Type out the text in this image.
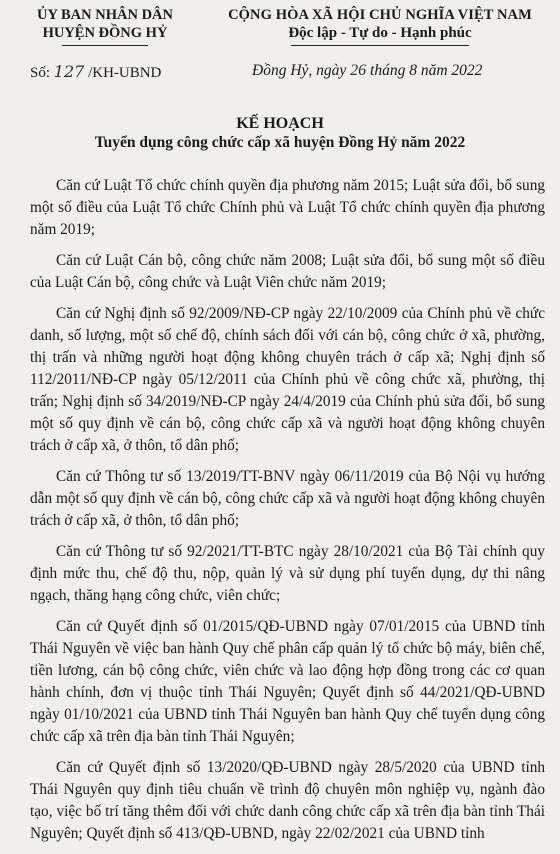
ỦY BAN NHÂN DÂN
HUYỆN ĐỒNG HỶ
CỘNG HÒA XÃ HỘI CHỦ NGHĨA VIỆT NAM
Độc lập - Tự do - Hạnh phúc
Số: 127 /KH-UBND	Đồng Hỷ, ngày 26 tháng 8 năm 2022
KẾ HOẠCH
Tuyển dụng công chức cấp xã huyện Đồng Hỷ năm 2022

Căn cứ Luật Tổ chức chính quyền địa phương năm 2015; Luật sửa đổi, bổ sung một số điều của Luật Tổ chức Chính phủ và Luật Tổ chức chính quyền địa phương năm 2019;

Căn cứ Luật Cán bộ, công chức năm 2008; Luật sửa đổi, bổ sung một số điều của Luật Cán bộ, công chức và Luật Viên chức năm 2019;

Căn cứ Nghị định số 92/2009/NĐ-CP ngày 22/10/2009 của Chính phủ về chức danh, số lượng, một số chế độ, chính sách đối với cán bộ, công chức ở xã, phường, thị trấn và những người hoạt động không chuyên trách ở cấp xã; Nghị định số 112/2011/NĐ-CP ngày 05/12/2011 của Chính phủ về công chức xã, phường, thị trấn; Nghị định số 34/2019/NĐ-CP ngày 24/4/2019 của Chính phủ sửa đổi, bổ sung một số quy định về cán bộ, công chức cấp xã và người hoạt động không chuyên trách ở cấp xã, ở thôn, tổ dân phố;

Căn cứ Thông tư số 13/2019/TT-BNV ngày 06/11/2019 của Bộ Nội vụ hướng dẫn một số quy định về cán bộ, công chức cấp xã và người hoạt động không chuyên trách ở cấp xã, ở thôn, tổ dân phố;

Căn cứ Thông tư số 92/2021/TT-BTC ngày 28/10/2021 của Bộ Tài chính quy định mức thu, chế độ thu, nộp, quản lý và sử dụng phí tuyển dụng, dự thi nâng ngạch, thăng hạng công chức, viên chức;

Căn cứ Quyết định số 01/2015/QĐ-UBND ngày 07/01/2015 của UBND tỉnh Thái Nguyên về việc ban hành Quy chế phân cấp quản lý tổ chức bộ máy, biên chế, tiền lương, cán bộ công chức, viên chức và lao động hợp đồng trong các cơ quan hành chính, đơn vị thuộc tỉnh Thái Nguyên; Quyết định số 44/2021/QĐ-UBND ngày 01/10/2021 của UBND tỉnh Thái Nguyên ban hành Quy chế tuyển dụng công chức cấp xã trên địa bàn tỉnh Thái Nguyên;

Căn cứ Quyết định số 13/2020/QĐ-UBND ngày 28/5/2020 của UBND tỉnh Thái Nguyên quy định tiêu chuẩn về trình độ chuyên môn nghiệp vụ, ngành đào tạo, việc bố trí tăng thêm đối với chức danh công chức cấp xã trên địa bàn tỉnh Thái Nguyên; Quyết định số 413/QĐ-UBND, ngày 22/02/2021 của UBND tỉnh
